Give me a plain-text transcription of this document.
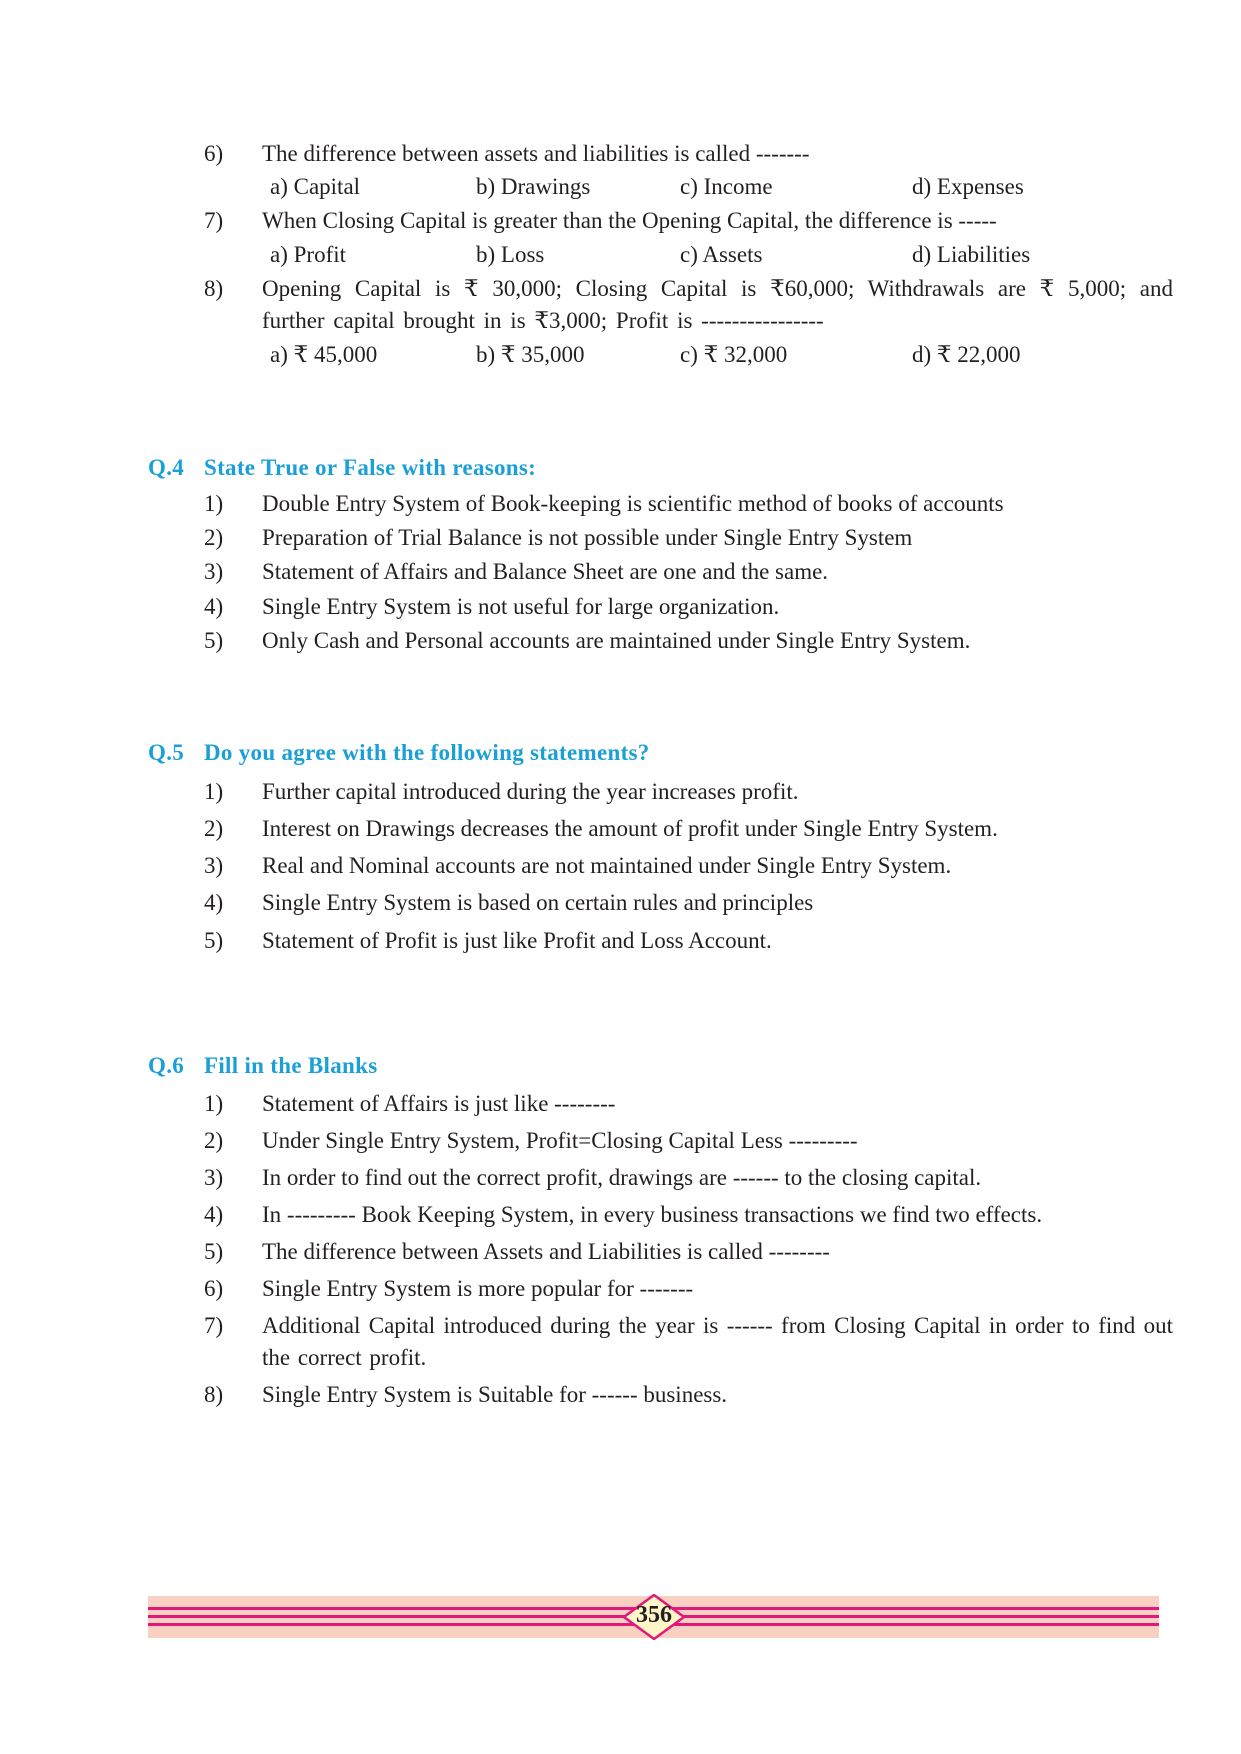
6) The difference between assets and liabilities is called -------
a) Capital	b) Drawings	c) Income	d) Expenses
7) When Closing Capital is greater than the Opening Capital, the difference is -----
a) Profit	b) Loss	c) Assets	d) Liabilities
8) Opening Capital is ₹ 30,000; Closing Capital is ₹60,000; Withdrawals are ₹ 5,000; and further capital brought in is ₹3,000; Profit is ----------------
a) ₹ 45,000	b) ₹ 35,000	c) ₹ 32,000	d) ₹ 22,000
Q.4 State True or False with reasons:
1) Double Entry System of Book-keeping is scientific method of books of accounts
2) Preparation of Trial Balance is not possible under Single Entry System
3) Statement of Affairs and Balance Sheet are one and the same.
4) Single Entry System is not useful for large organization.
5) Only Cash and Personal accounts are maintained under Single Entry System.
Q.5 Do you agree with the following statements?
1) Further capital introduced during the year increases profit.
2) Interest on Drawings decreases the amount of profit under Single Entry System.
3) Real and Nominal accounts are not maintained under Single Entry System.
4) Single Entry System is based on certain rules and principles
5) Statement of Profit is just like Profit and Loss Account.
Q.6 Fill in the Blanks
1) Statement of Affairs is just like --------
2) Under Single Entry System, Profit=Closing Capital Less ---------
3) In order to find out the correct profit, drawings are ------ to the closing capital.
4) In --------- Book Keeping System, in every business transactions we find two effects.
5) The difference between Assets and Liabilities is called --------
6) Single Entry System is more popular for -------
7) Additional Capital introduced during the year is ------ from Closing Capital in order to find out the correct profit.
8) Single Entry System is Suitable for ------ business.
356
